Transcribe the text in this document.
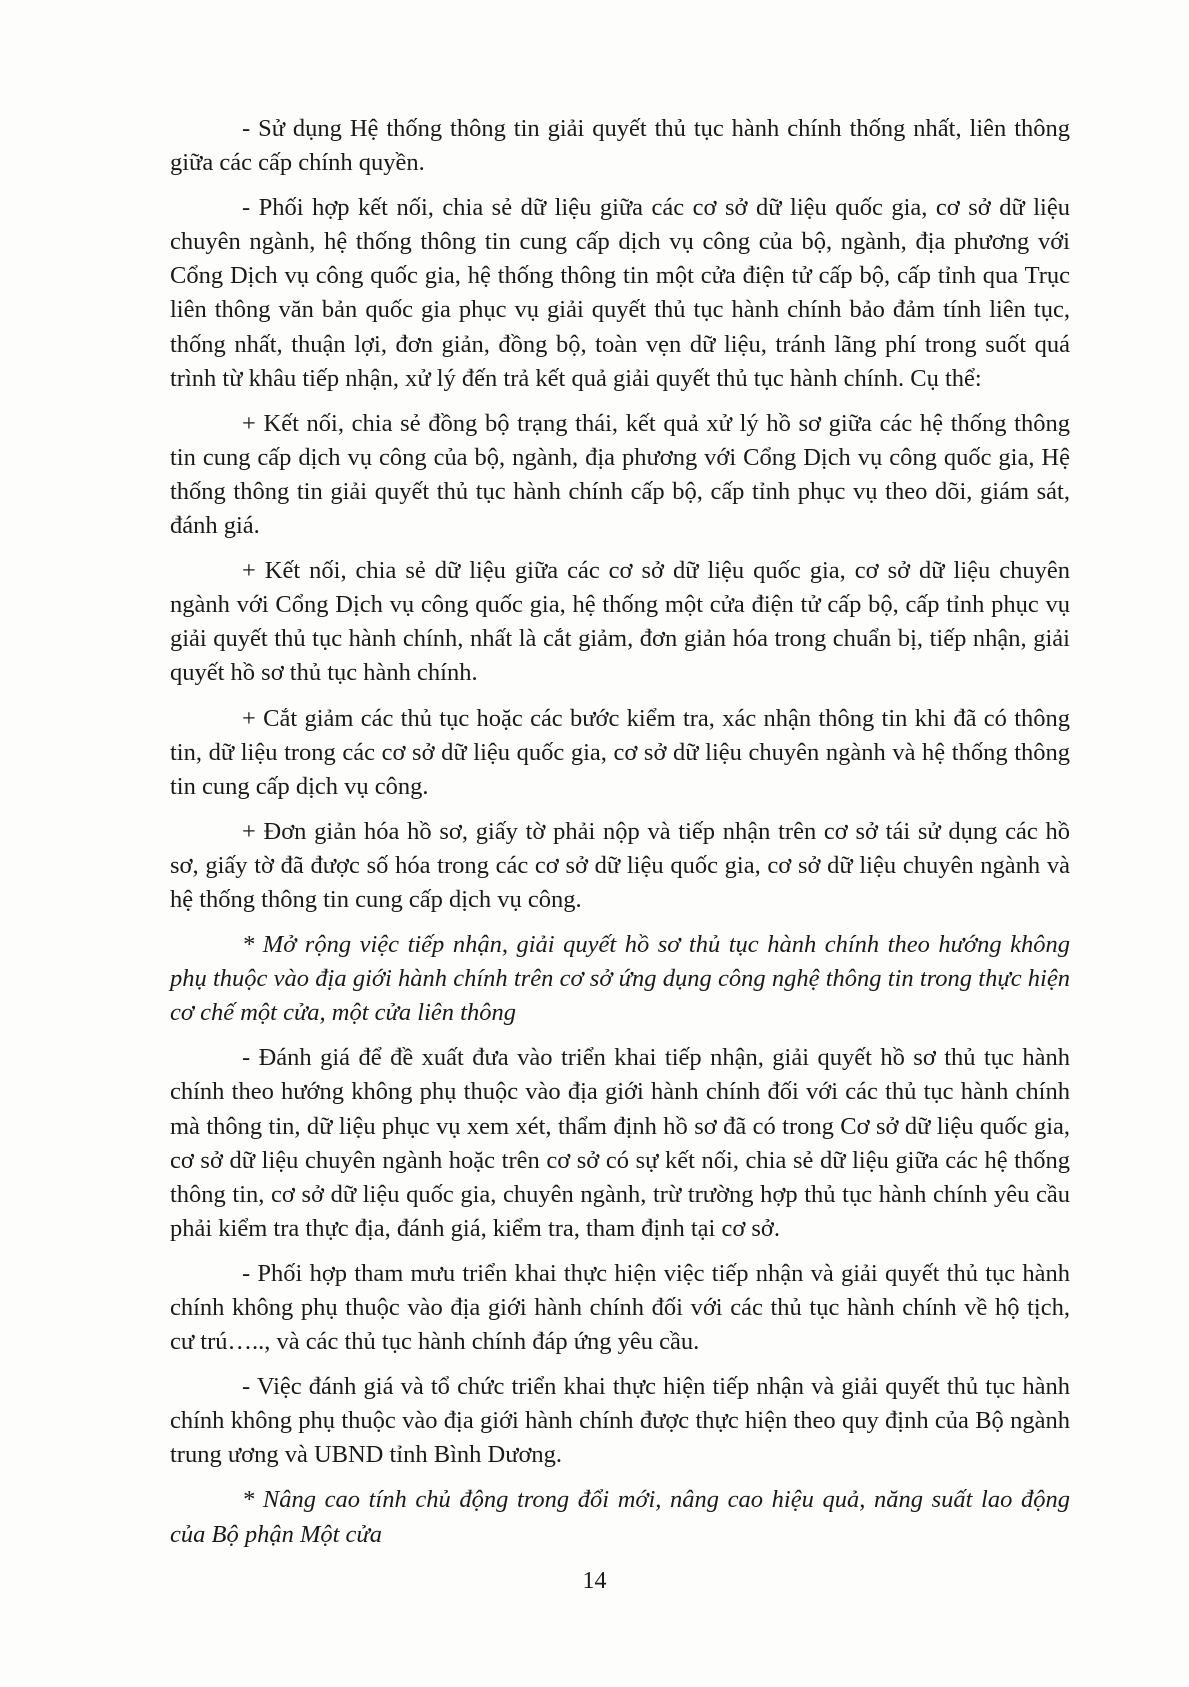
- Sử dụng Hệ thống thông tin giải quyết thủ tục hành chính thống nhất, liên thông giữa các cấp chính quyền.

- Phối hợp kết nối, chia sẻ dữ liệu giữa các cơ sở dữ liệu quốc gia, cơ sở dữ liệu chuyên ngành, hệ thống thông tin cung cấp dịch vụ công của bộ, ngành, địa phương với Cổng Dịch vụ công quốc gia, hệ thống thông tin một cửa điện tử cấp bộ, cấp tỉnh qua Trục liên thông văn bản quốc gia phục vụ giải quyết thủ tục hành chính bảo đảm tính liên tục, thống nhất, thuận lợi, đơn giản, đồng bộ, toàn vẹn dữ liệu, tránh lãng phí trong suốt quá trình từ khâu tiếp nhận, xử lý đến trả kết quả giải quyết thủ tục hành chính. Cụ thể:

+ Kết nối, chia sẻ đồng bộ trạng thái, kết quả xử lý hồ sơ giữa các hệ thống thông tin cung cấp dịch vụ công của bộ, ngành, địa phương với Cổng Dịch vụ công quốc gia, Hệ thống thông tin giải quyết thủ tục hành chính cấp bộ, cấp tỉnh phục vụ theo dõi, giám sát, đánh giá.

+ Kết nối, chia sẻ dữ liệu giữa các cơ sở dữ liệu quốc gia, cơ sở dữ liệu chuyên ngành với Cổng Dịch vụ công quốc gia, hệ thống một cửa điện tử cấp bộ, cấp tỉnh phục vụ giải quyết thủ tục hành chính, nhất là cắt giảm, đơn giản hóa trong chuẩn bị, tiếp nhận, giải quyết hồ sơ thủ tục hành chính.

+ Cắt giảm các thủ tục hoặc các bước kiểm tra, xác nhận thông tin khi đã có thông tin, dữ liệu trong các cơ sở dữ liệu quốc gia, cơ sở dữ liệu chuyên ngành và hệ thống thông tin cung cấp dịch vụ công.

+ Đơn giản hóa hồ sơ, giấy tờ phải nộp và tiếp nhận trên cơ sở tái sử dụng các hồ sơ, giấy tờ đã được số hóa trong các cơ sở dữ liệu quốc gia, cơ sở dữ liệu chuyên ngành và hệ thống thông tin cung cấp dịch vụ công.

* Mở rộng việc tiếp nhận, giải quyết hồ sơ thủ tục hành chính theo hướng không phụ thuộc vào địa giới hành chính trên cơ sở ứng dụng công nghệ thông tin trong thực hiện cơ chế một cửa, một cửa liên thông

- Đánh giá để đề xuất đưa vào triển khai tiếp nhận, giải quyết hồ sơ thủ tục hành chính theo hướng không phụ thuộc vào địa giới hành chính đối với các thủ tục hành chính mà thông tin, dữ liệu phục vụ xem xét, thẩm định hồ sơ đã có trong Cơ sở dữ liệu quốc gia, cơ sở dữ liệu chuyên ngành hoặc trên cơ sở có sự kết nối, chia sẻ dữ liệu giữa các hệ thống thông tin, cơ sở dữ liệu quốc gia, chuyên ngành, trừ trường hợp thủ tục hành chính yêu cầu phải kiểm tra thực địa, đánh giá, kiểm tra, tham định tại cơ sở.

- Phối hợp tham mưu triển khai thực hiện việc tiếp nhận và giải quyết thủ tục hành chính không phụ thuộc vào địa giới hành chính đối với các thủ tục hành chính về hộ tịch, cư trú….., và các thủ tục hành chính đáp ứng yêu cầu.

- Việc đánh giá và tổ chức triển khai thực hiện tiếp nhận và giải quyết thủ tục hành chính không phụ thuộc vào địa giới hành chính được thực hiện theo quy định của Bộ ngành trung ương và UBND tỉnh Bình Dương.

* Nâng cao tính chủ động trong đổi mới, nâng cao hiệu quả, năng suất lao động của Bộ phận Một cửa

14
